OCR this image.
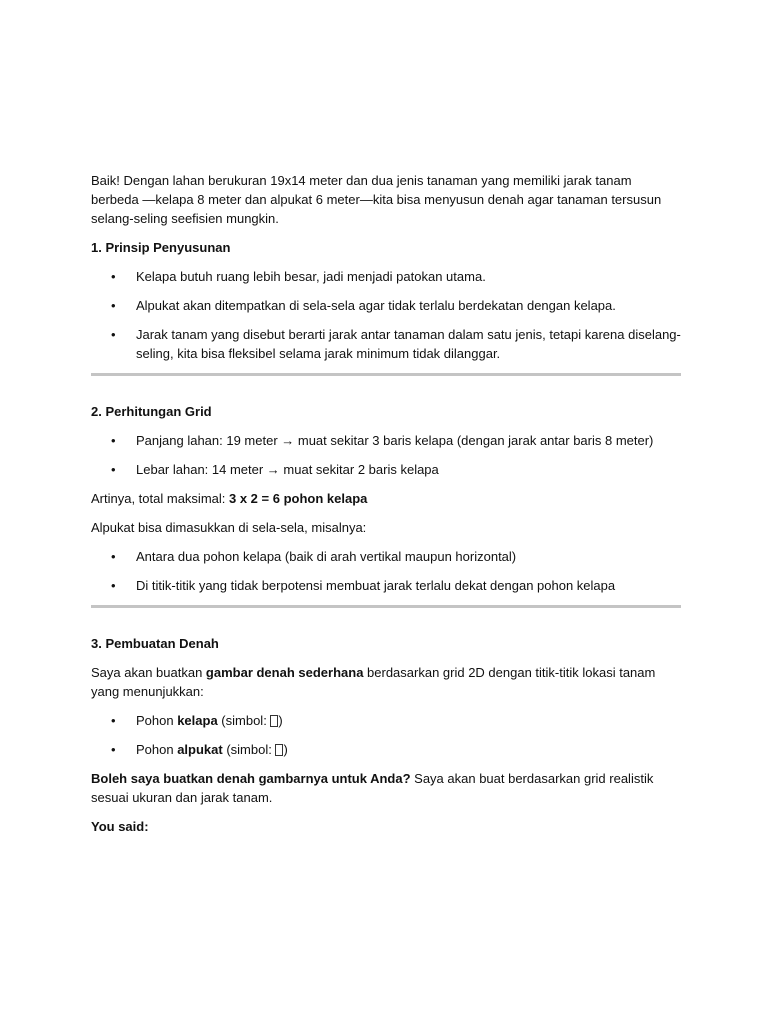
Baik! Dengan lahan berukuran 19x14 meter dan dua jenis tanaman yang memiliki jarak tanam berbeda —kelapa 8 meter dan alpukat 6 meter—kita bisa menyusun denah agar tanaman tersusun selang-seling seefisien mungkin.

1. Prinsip Penyusunan

• Kelapa butuh ruang lebih besar, jadi menjadi patokan utama.
• Alpukat akan ditempatkan di sela-sela agar tidak terlalu berdekatan dengan kelapa.
• Jarak tanam yang disebut berarti jarak antar tanaman dalam satu jenis, tetapi karena diselang-seling, kita bisa fleksibel selama jarak minimum tidak dilanggar.

2. Perhitungan Grid

• Panjang lahan: 19 meter → muat sekitar 3 baris kelapa (dengan jarak antar baris 8 meter)
• Lebar lahan: 14 meter → muat sekitar 2 baris kelapa

Artinya, total maksimal: 3 x 2 = 6 pohon kelapa

Alpukat bisa dimasukkan di sela-sela, misalnya:

• Antara dua pohon kelapa (baik di arah vertikal maupun horizontal)
• Di titik-titik yang tidak berpotensi membuat jarak terlalu dekat dengan pohon kelapa

3. Pembuatan Denah

Saya akan buatkan gambar denah sederhana berdasarkan grid 2D dengan titik-titik lokasi tanam yang menunjukkan:

• Pohon kelapa (simbol: )
• Pohon alpukat (simbol: )

Boleh saya buatkan denah gambarnya untuk Anda? Saya akan buat berdasarkan grid realistik sesuai ukuran dan jarak tanam.

You said:
